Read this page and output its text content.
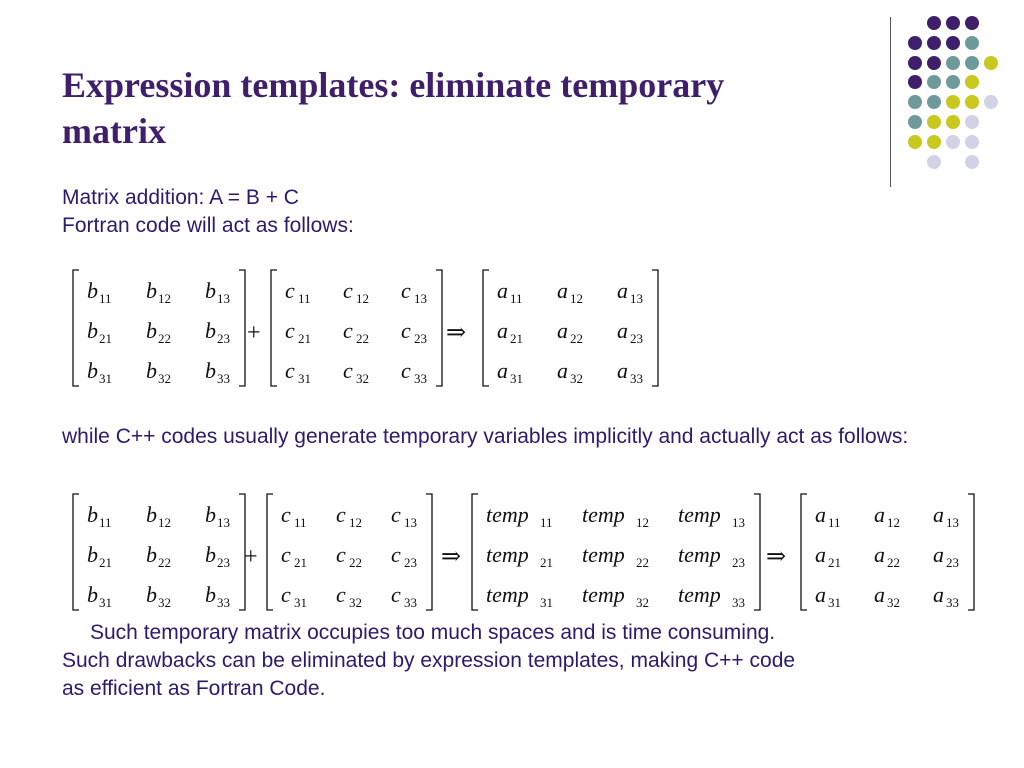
Expression templates: eliminate temporary
matrix

Matrix addition: A = B + C
Fortran code will act as follows:

b 11 b 12 b 13
b 21 b 22 b 23
b 31 b 32 b 33
+
c 11 c 12 c 13
c 21 c 22 c 23
c 31 c 32 c 33
⇒
a 11 a 12 a 13
a 21 a 22 a 23
a 31 a 32 a 33

while C++ codes usually generate temporary variables implicitly and actually act as follows:

b 11 b 12 b 13
b 21 b 22 b 23
b 31 b 32 b 33
+
c 11 c 12 c 13
c 21 c 22 c 23
c 31 c 32 c 33
⇒
temp 11 temp 12 temp 13
temp 21 temp 22 temp 23
temp 31 temp 32 temp 33
⇒
a 11 a 12 a 13
a 21 a 22 a 23
a 31 a 32 a 33

Such temporary matrix occupies too much spaces and is time consuming.
Such drawbacks can be eliminated by expression templates, making C++ code
as efficient as Fortran Code.
